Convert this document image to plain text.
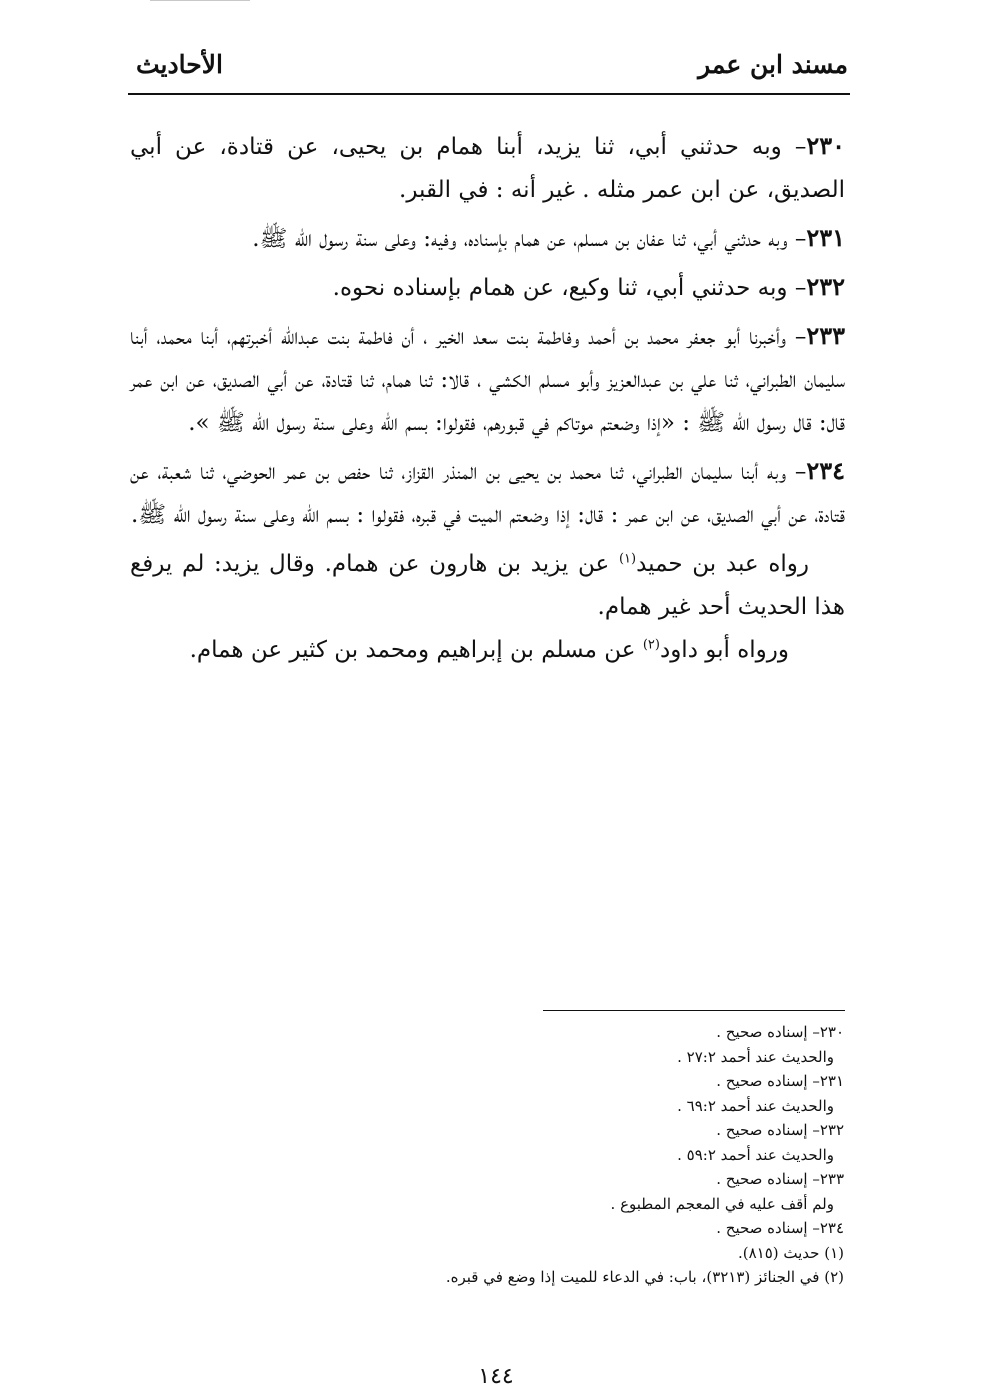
مسند ابن عمر
الأحاديث

٢٣٠– وبه حدثني أبي، ثنا يزيد، أبنا همام بن يحيى، عن قتادة، عن أبي الصديق، عن ابن عمر مثله . غير أنه : في القبر.

٢٣١– وبه حدثني أبي، ثنا عفان بن مسلم، عن همام بإسناده، وفيه: وعلى سنة رسول الله ﷺ.

٢٣٢– وبه حدثني أبي، ثنا وكيع، عن همام بإسناده نحوه.

٢٣٣– وأخبرنا أبو جعفر محمد بن أحمد وفاطمة بنت سعد الخير ، أن فاطمة بنت عبدالله أخبرتهم، أبنا محمد، أبنا سليمان الطبراني، ثنا علي بن عبدالعزيز وأبو مسلم الكشي ، قالا: ثنا همام، ثنا قتادة، عن أبي الصديق، عن ابن عمر قال: قال رسول الله ﷺ : «إذا وضعتم موتاكم في قبورهم، فقولوا: بسم الله وعلى سنة رسول الله ﷺ ».

٢٣٤– وبه أبنا سليمان الطبراني، ثنا محمد بن يحيى بن المنذر القزاز، ثنا حفص بن عمر الحوضي، ثنا شعبة، عن قتادة، عن أبي الصديق، عن ابن عمر : قال: إذا وضعتم الميت في قبره، فقولوا : بسم الله وعلى سنة رسول الله ﷺ.

رواه عبد بن حميد$^{(١)}$ عن يزيد بن هارون عن همام. وقال يزيد: لم يرفع هذا الحديث أحد غير همام.

ورواه أبو داود$^{(٢)}$ عن مسلم بن إبراهيم ومحمد بن كثير عن همام.

٢٣٠– إسناده صحيح .
والحديث عند أحمد ٢٧:٢ .
٢٣١– إسناده صحيح .
والحديث عند أحمد ٦٩:٢ .
٢٣٢– إسناده صحيح .
والحديث عند أحمد ٥٩:٢ .
٢٣٣– إسناده صحيح .
ولم أقف عليه في المعجم المطبوع .
٢٣٤– إسناده صحيح .
(١) حديث (٨١٥).
(٢) في الجنائز (٣٢١٣)، باب: في الدعاء للميت إذا وضع في قبره.
١٤٤
